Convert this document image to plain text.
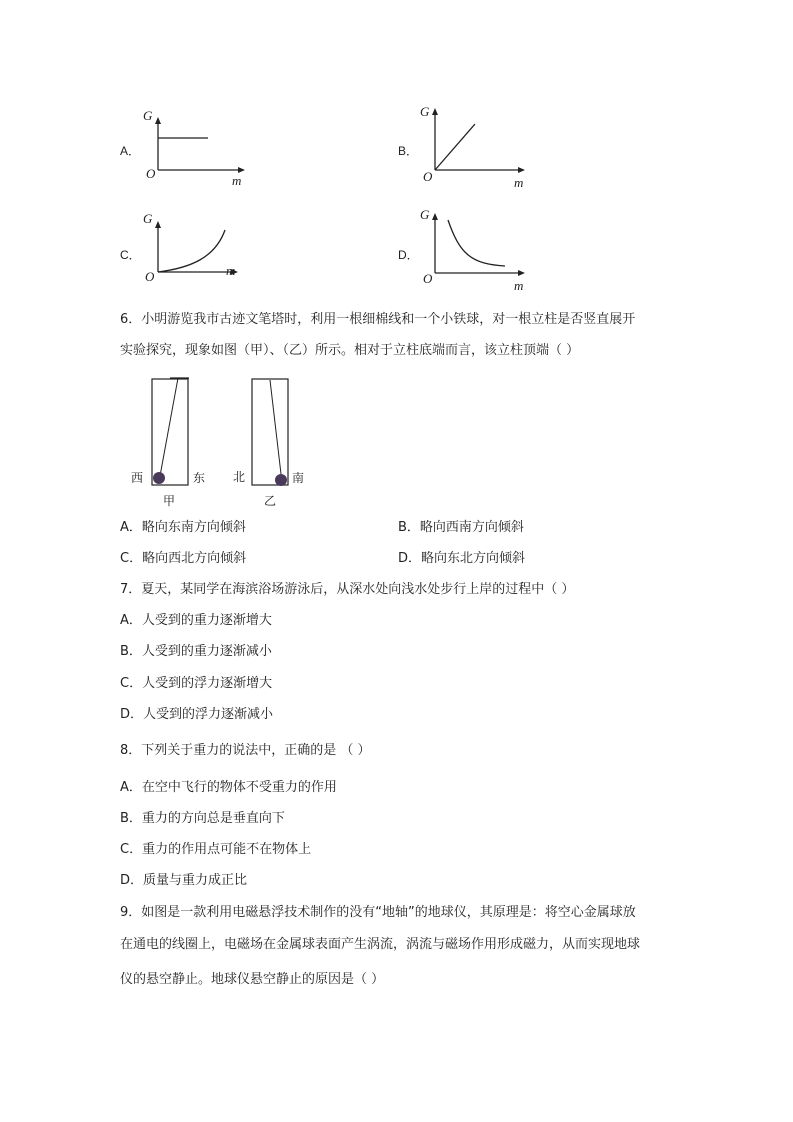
A．
G
O	m
B．
G
O	m
C．
G
O	m
D．
G
O	m
6．小明游览我市古迹文笔塔时，利用一根细棉线和一个小铁球，对一根立柱是否竖直展开
实验探究，现象如图（甲）、（乙）所示。相对于立柱底端而言，该立柱顶端（ ）
西	东
甲
北	南
乙
A．略向东南方向倾斜	B．略向西南方向倾斜
C．略向西北方向倾斜	D．略向东北方向倾斜
7．夏天，某同学在海滨浴场游泳后，从深水处向浅水处步行上岸的过程中（ ）
A．人受到的重力逐渐增大
B．人受到的重力逐渐减小
C．人受到的浮力逐渐增大
D．人受到的浮力逐渐减小
8．下列关于重力的说法中，正确的是 （ ）
A．在空中飞行的物体不受重力的作用
B．重力的方向总是垂直向下
C．重力的作用点可能不在物体上
D．质量与重力成正比
9．如图是一款利用电磁悬浮技术制作的没有“地轴”的地球仪，其原理是：将空心金属球放
在通电的线圈上，电磁场在金属球表面产生涡流，涡流与磁场作用形成磁力，从而实现地球
仪的悬空静止。地球仪悬空静止的原因是（ ）
